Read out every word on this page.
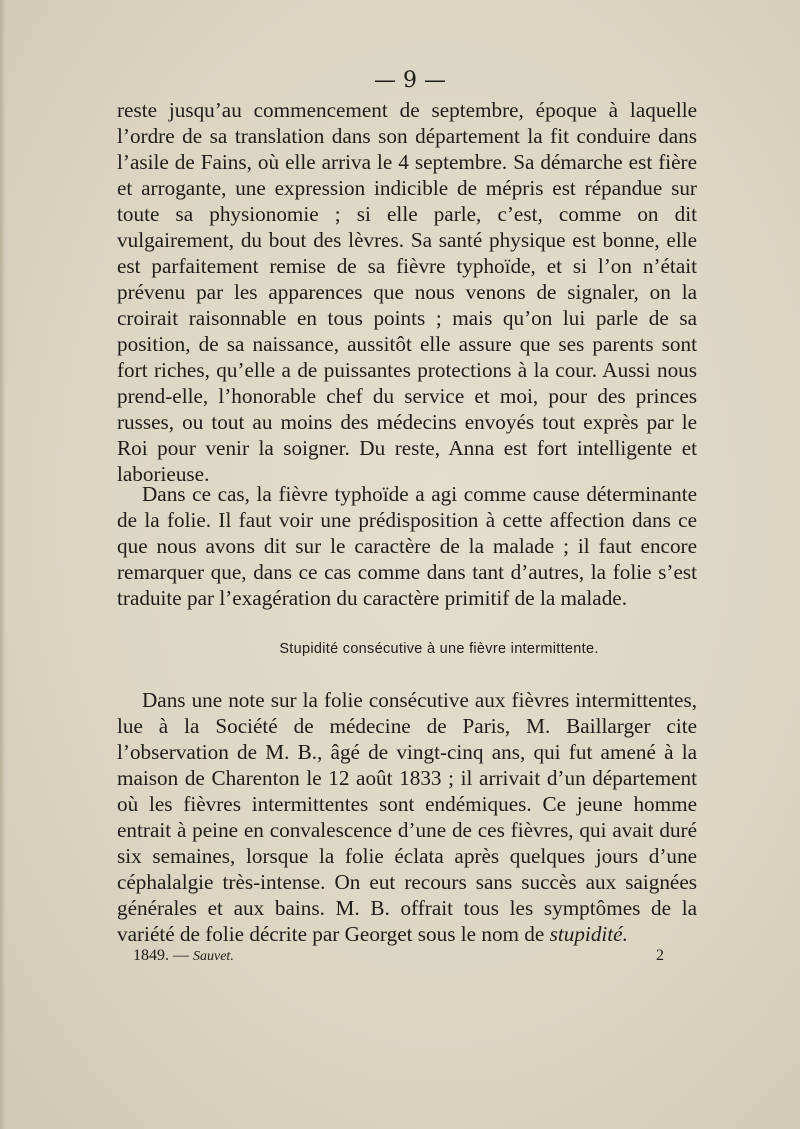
— 9 —

reste jusqu’au commencement de septembre, époque à laquelle l’ordre de sa translation dans son département la fit conduire dans l’asile de Fains, où elle arriva le 4 septembre. Sa démarche est fière et arrogante, une expression indicible de mépris est répandue sur toute sa physionomie ; si elle parle, c’est, comme on dit vulgairement, du bout des lèvres. Sa santé physique est bonne, elle est parfaitement remise de sa fièvre typhoïde, et si l’on n’était prévenu par les apparences que nous venons de signaler, on la croirait raisonnable en tous points ; mais qu’on lui parle de sa position, de sa naissance, aussitôt elle assure que ses parents sont fort riches, qu’elle a de puissantes protections à la cour. Aussi nous prend-elle, l’honorable chef du service et moi, pour des princes russes, ou tout au moins des médecins envoyés tout exprès par le Roi pour venir la soigner. Du reste, Anna est fort intelligente et laborieuse.

Dans ce cas, la fièvre typhoïde a agi comme cause déterminante de la folie. Il faut voir une prédisposition à cette affection dans ce que nous avons dit sur le caractère de la malade ; il faut encore remarquer que, dans ce cas comme dans tant d’autres, la folie s’est traduite par l’exagération du caractère primitif de la malade.

Stupidité consécutive à une fièvre intermittente.

Dans une note sur la folie consécutive aux fièvres intermittentes, lue à la Société de médecine de Paris, M. Baillarger cite l’observation de M. B., âgé de vingt-cinq ans, qui fut amené à la maison de Charenton le 12 août 1833 ; il arrivait d’un département où les fièvres intermittentes sont endémiques. Ce jeune homme entrait à peine en convalescence d’une de ces fièvres, qui avait duré six semaines, lorsque la folie éclata après quelques jours d’une céphalalgie très-intense. On eut recours sans succès aux saignées générales et aux bains. M. B. offrait tous les symptômes de la variété de folie décrite par Georget sous le nom de stupidité.

1849. — Sauvet.	2
